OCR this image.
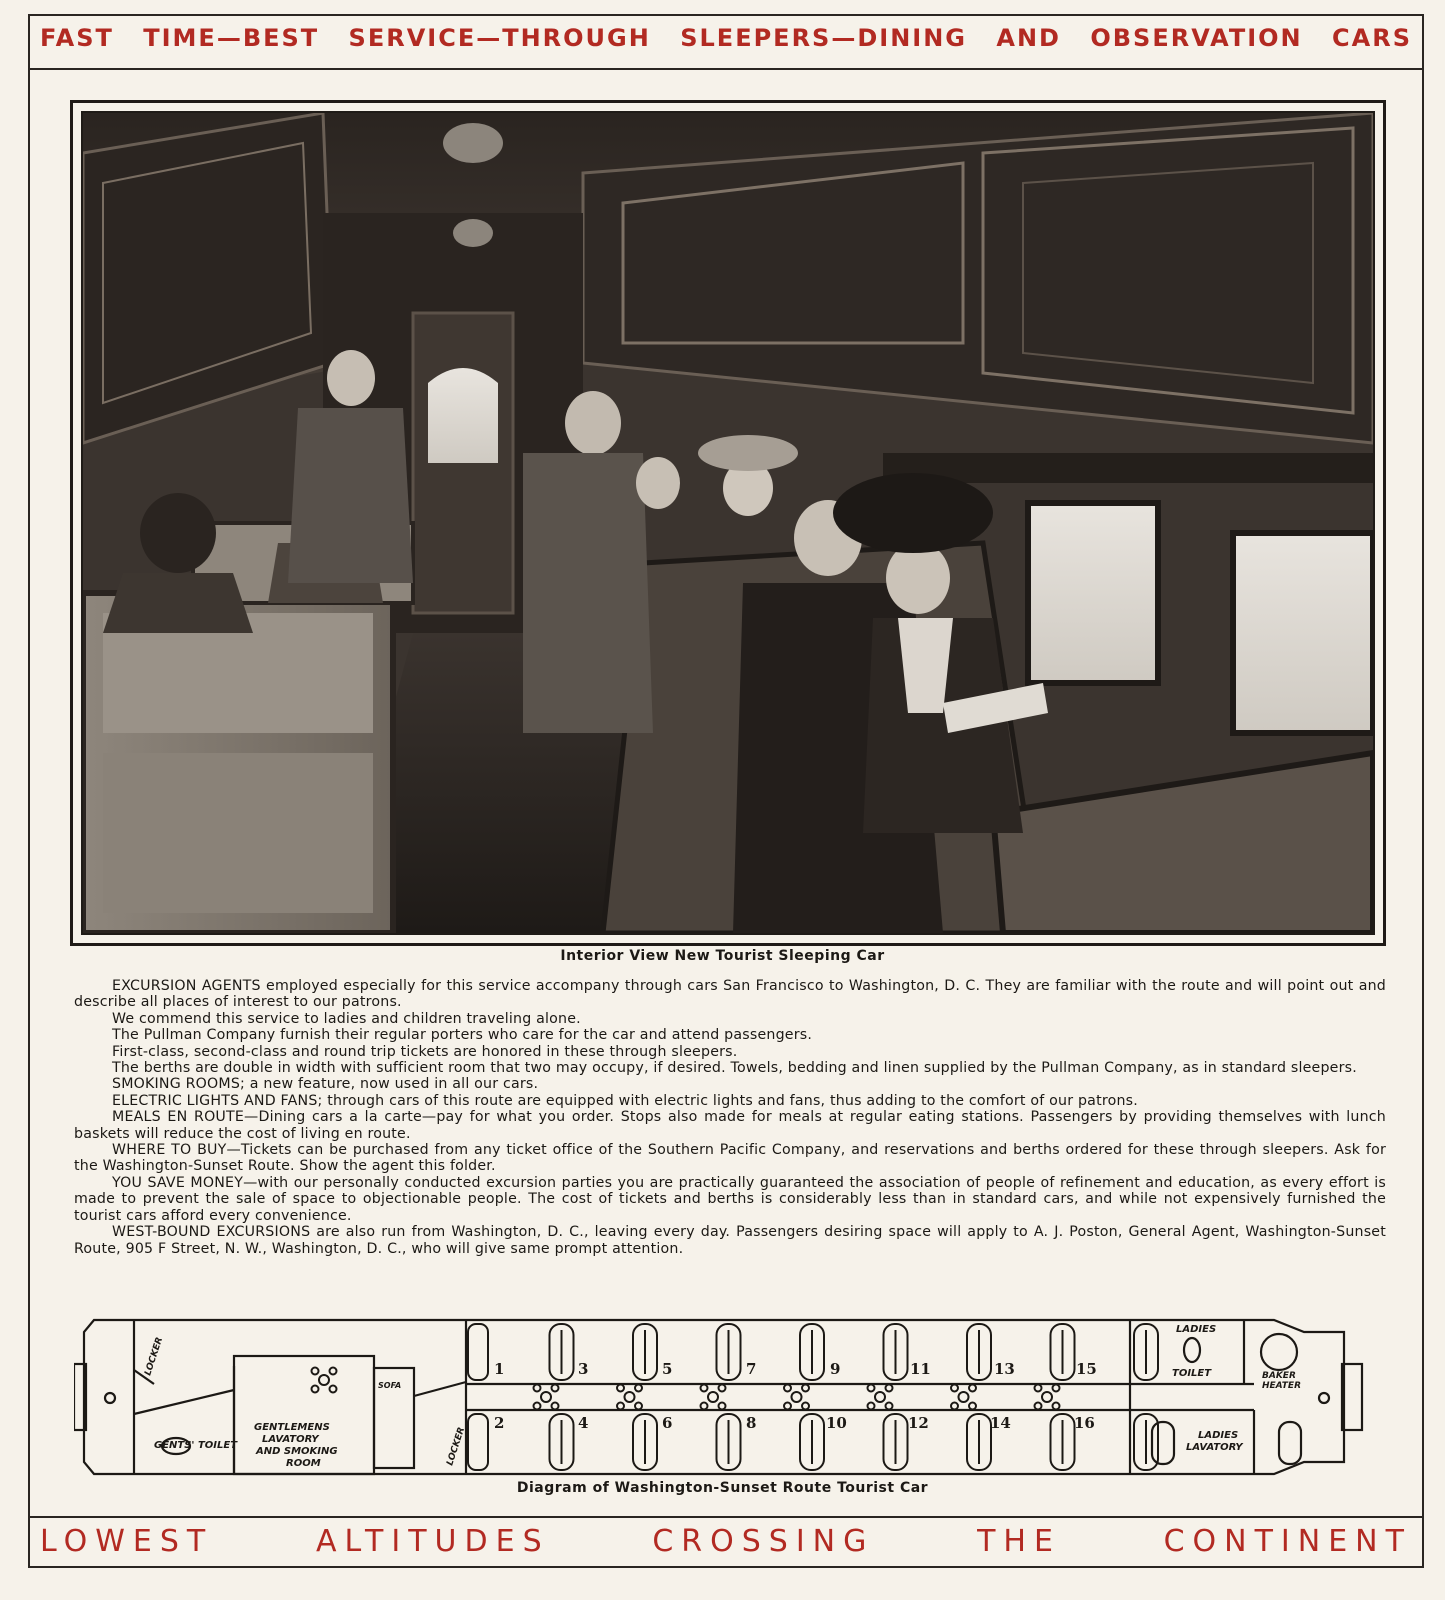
FAST TIME—BEST SERVICE—THROUGH SLEEPERS—DINING AND OBSERVATION CARS
Interior View New Tourist Sleeping Car
EXCURSION AGENTS employed especially for this service accompany through cars San Francisco to Washington, D. C. They are familiar with the route and will point out and describe all places of interest to our patrons.
We commend this service to ladies and children traveling alone.
The Pullman Company furnish their regular porters who care for the car and attend passengers.
First-class, second-class and round trip tickets are honored in these through sleepers.
The berths are double in width with sufficient room that two may occupy, if desired. Towels, bedding and linen supplied by the Pullman Company, as in standard sleepers.
SMOKING ROOMS; a new feature, now used in all our cars.
ELECTRIC LIGHTS AND FANS; through cars of this route are equipped with electric lights and fans, thus adding to the comfort of our patrons.
MEALS EN ROUTE—Dining cars a la carte—pay for what you order. Stops also made for meals at regular eating stations. Passengers by providing themselves with lunch baskets will reduce the cost of living en route.
WHERE TO BUY—Tickets can be purchased from any ticket office of the Southern Pacific Company, and reservations and berths ordered for these through sleepers. Ask for the Washington-Sunset Route. Show the agent this folder.
YOU SAVE MONEY—with our personally conducted excursion parties you are practically guaranteed the association of people of refinement and education, as every effort is made to prevent the sale of space to objectionable people. The cost of tickets and berths is considerably less than in standard cars, and while not expensively furnished the tourist cars afford every convenience.
WEST-BOUND EXCURSIONS are also run from Washington, D. C., leaving every day. Passengers desiring space will apply to A. J. Poston, General Agent, Washington-Sunset Route, 905 F Street, N. W., Washington, D. C., who will give same prompt attention.
1	3	5	7	9	11	13	15
2	4	6	8	10	12	14	16
LOCKER
LOCKER
GENTS' TOILET
GENTLEMENS
LAVATORY
AND SMOKING
ROOM
SOFA
LADIES
TOILET	BAKER
HEATER
LADIES
LAVATORY
Diagram of Washington-Sunset Route Tourist Car
LOWEST	ALTITUDES	CROSSING	THE	CONTINENT
